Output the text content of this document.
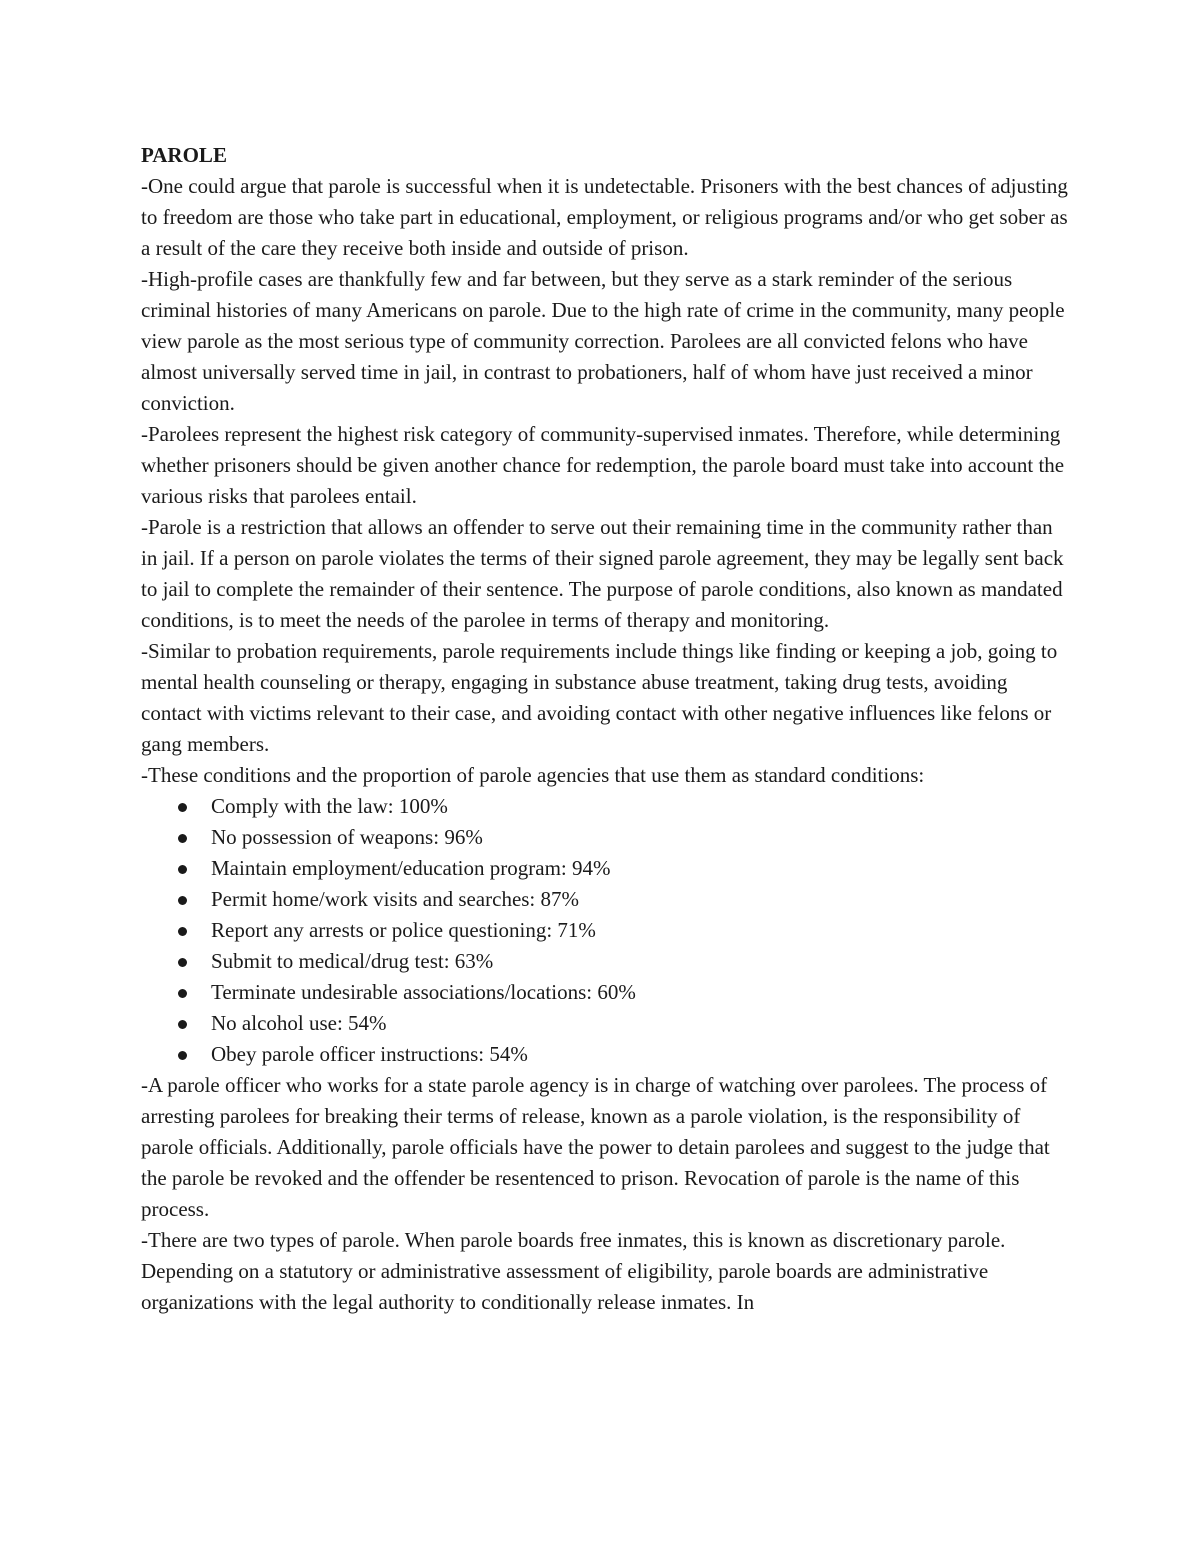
PAROLE

-One could argue that parole is successful when it is undetectable. Prisoners with the best chances of adjusting to freedom are those who take part in educational, employment, or religious programs and/or who get sober as a result of the care they receive both inside and outside of prison.

-High-profile cases are thankfully few and far between, but they serve as a stark reminder of the serious criminal histories of many Americans on parole. Due to the high rate of crime in the community, many people view parole as the most serious type of community correction. Parolees are all convicted felons who have almost universally served time in jail, in contrast to probationers, half of whom have just received a minor conviction.

-Parolees represent the highest risk category of community-supervised inmates. Therefore, while determining whether prisoners should be given another chance for redemption, the parole board must take into account the various risks that parolees entail.

-Parole is a restriction that allows an offender to serve out their remaining time in the community rather than in jail. If a person on parole violates the terms of their signed parole agreement, they may be legally sent back to jail to complete the remainder of their sentence. The purpose of parole conditions, also known as mandated conditions, is to meet the needs of the parolee in terms of therapy and monitoring.

-Similar to probation requirements, parole requirements include things like finding or keeping a job, going to mental health counseling or therapy, engaging in substance abuse treatment, taking drug tests, avoiding contact with victims relevant to their case, and avoiding contact with other negative influences like felons or gang members.

-These conditions and the proportion of parole agencies that use them as standard conditions:

Comply with the law: 100%
No possession of weapons: 96%
Maintain employment/education program: 94%
Permit home/work visits and searches: 87%
Report any arrests or police questioning: 71%
Submit to medical/drug test: 63%
Terminate undesirable associations/locations: 60%
No alcohol use: 54%
Obey parole officer instructions: 54%

-A parole officer who works for a state parole agency is in charge of watching over parolees. The process of arresting parolees for breaking their terms of release, known as a parole violation, is the responsibility of parole officials. Additionally, parole officials have the power to detain parolees and suggest to the judge that the parole be revoked and the offender be resentenced to prison. Revocation of parole is the name of this process.

-There are two types of parole. When parole boards free inmates, this is known as discretionary parole. Depending on a statutory or administrative assessment of eligibility, parole boards are administrative organizations with the legal authority to conditionally release inmates. In
